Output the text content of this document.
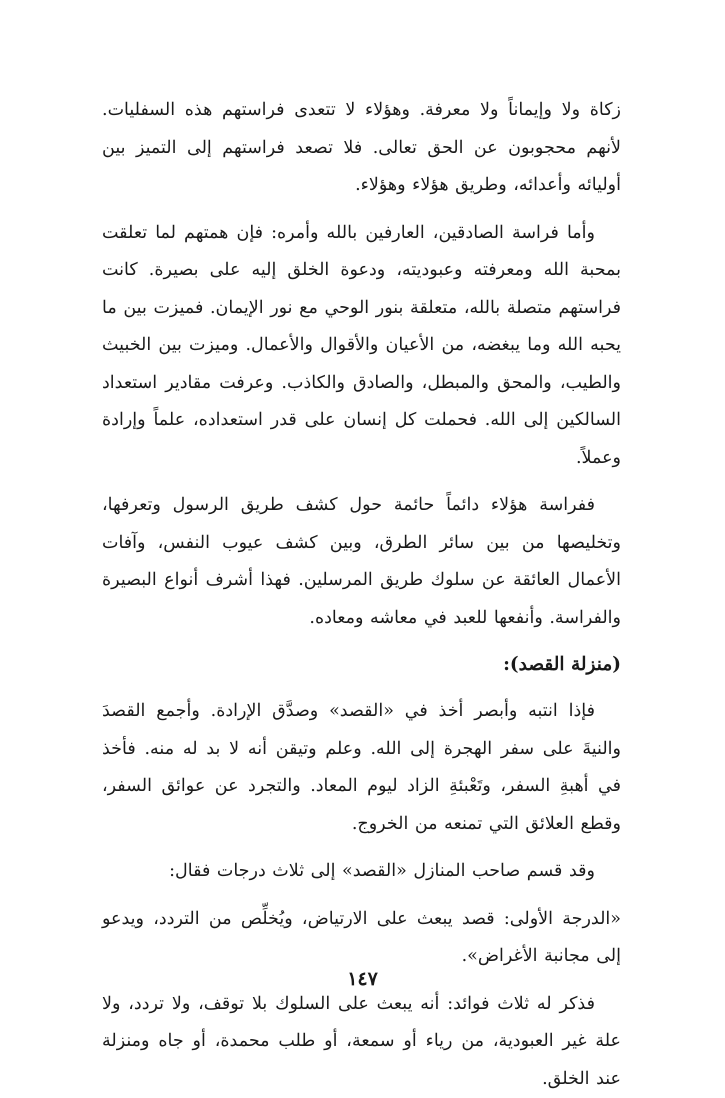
زكاة ولا وإيماناً ولا معرفة. وهؤلاء لا تتعدى فراستهم هذه السفليات. لأنهم محجوبون عن الحق تعالى. فلا تصعد فراستهم إلى التميز بين أوليائه وأعدائه، وطريق هؤلاء وهؤلاء.

وأما فراسة الصادقين، العارفين بالله وأمره: فإن همتهم لما تعلقت بمحبة الله ومعرفته وعبوديته، ودعوة الخلق إليه على بصيرة. كانت فراستهم متصلة بالله، متعلقة بنور الوحي مع نور الإيمان. فميزت بين ما يحبه الله وما يبغضه، من الأعيان والأقوال والأعمال. وميزت بين الخبيث والطيب، والمحق والمبطل، والصادق والكاذب. وعرفت مقادير استعداد السالكين إلى الله. فحملت كل إنسان على قدر استعداده، علماً وإرادة وعملاً.

ففراسة هؤلاء دائماً حائمة حول كشف طريق الرسول وتعرفها، وتخليصها من بين سائر الطرق، وبين كشف عيوب النفس، وآفات الأعمال العائقة عن سلوك طريق المرسلين. فهذا أشرف أنواع البصيرة والفراسة. وأنفعها للعبد في معاشه ومعاده.

(منزلة القصد):

فإذا انتبه وأبصر أخذ في «القصد» وصدَّق الإرادة. وأجمع القصدَ والنيةَ على سفر الهجرة إلى الله. وعلم وتيقن أنه لا بد له منه. فأخذ في أهبةِ السفر، وتَعْبئةِ الزاد ليوم المعاد. والتجرد عن عوائق السفر، وقطع العلائق التي تمنعه من الخروج.

وقد قسم صاحب المنازل «القصد» إلى ثلاث درجات فقال:

«الدرجة الأولى: قصد يبعث على الارتياض، ويُخلِّص من التردد، ويدعو إلى مجانبة الأغراض».

فذكر له ثلاث فوائد: أنه يبعث على السلوك بلا توقف، ولا تردد، ولا علة غير العبودية، من رياء أو سمعة، أو طلب محمدة، أو جاه ومنزلة عند الخلق.

١٤٧
